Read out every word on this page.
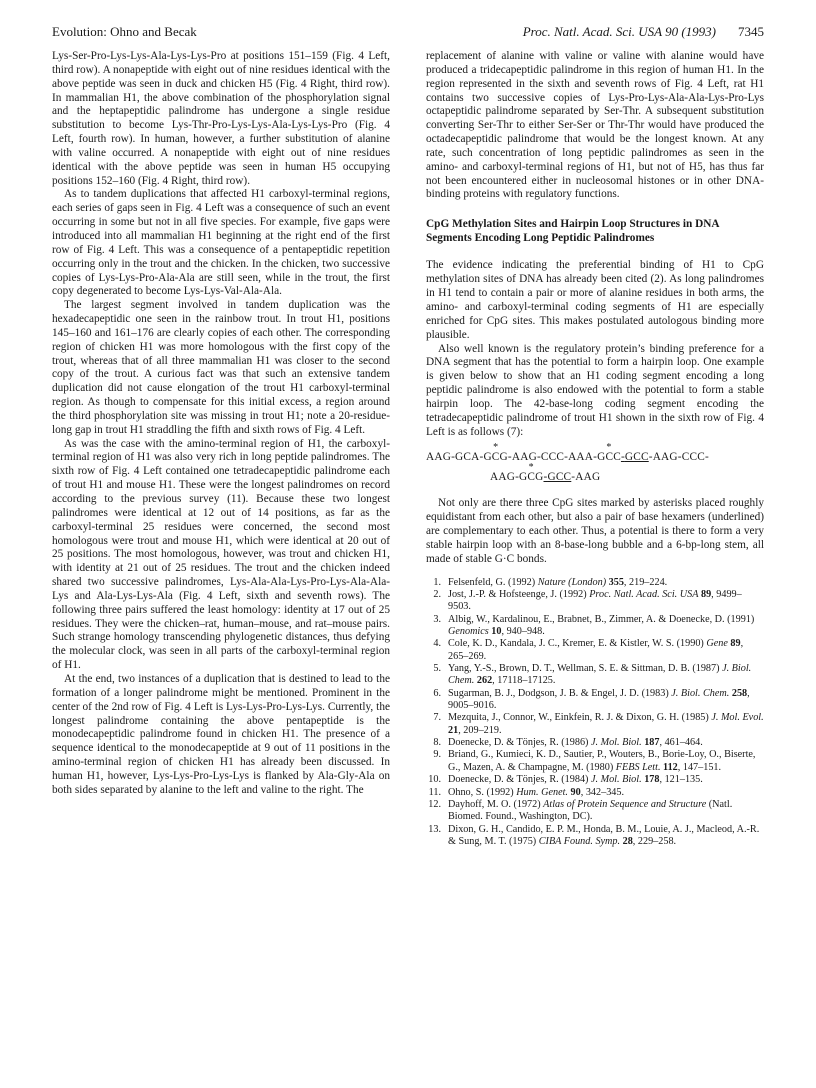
Evolution: Ohno and Becak	Proc. Natl. Acad. Sci. USA 90 (1993) 7345

Lys-Ser-Pro-Lys-Lys-Ala-Lys-Lys-Pro at positions 151–159 (Fig. 4 Left, third row). A nonapeptide with eight out of nine residues identical with the above peptide was seen in duck and chicken H5 (Fig. 4 Right, third row). In mammalian H1, the above combination of the phosphorylation signal and the heptapeptidic palindrome has undergone a single residue substitution to become Lys-Thr-Pro-Lys-Lys-Ala-Lys-Lys-Pro (Fig. 4 Left, fourth row). In human, however, a further substitution of alanine with valine occurred. A nonapeptide with eight out of nine residues identical with the above peptide was seen in human H5 occupying positions 152–160 (Fig. 4 Right, third row).

As to tandem duplications that affected H1 carboxyl-terminal regions, each series of gaps seen in Fig. 4 Left was a consequence of such an event occurring in some but not in all five species. For example, five gaps were introduced into all mammalian H1 beginning at the right end of the first row of Fig. 4 Left. This was a consequence of a pentapeptidic repetition occurring only in the trout and the chicken. In the chicken, two successive copies of Lys-Lys-Pro-Ala-Ala are still seen, while in the trout, the first copy degenerated to become Lys-Lys-Val-Ala-Ala.

The largest segment involved in tandem duplication was the hexadecapeptidic one seen in the rainbow trout. In trout H1, positions 145–160 and 161–176 are clearly copies of each other. The corresponding region of chicken H1 was more homologous with the first copy of the trout, whereas that of all three mammalian H1 was closer to the second copy of the trout. A curious fact was that such an extensive tandem duplication did not cause elongation of the trout H1 carboxyl-terminal region. As though to compensate for this initial excess, a region around the third phosphorylation site was missing in trout H1; note a 20-residue-long gap in trout H1 straddling the fifth and sixth rows of Fig. 4 Left.

As was the case with the amino-terminal region of H1, the carboxyl-terminal region of H1 was also very rich in long peptide palindromes. The sixth row of Fig. 4 Left contained one tetradecapeptidic palindrome each of trout H1 and mouse H1. These were the longest palindromes on record according to the previous survey (11). Because these two longest palindromes were identical at 12 out of 14 positions, as far as the carboxyl-terminal 25 residues were concerned, the second most homologous were trout and mouse H1, which were identical at 20 out of 25 positions. The most homologous, however, was trout and chicken H1, with identity at 21 out of 25 residues. The trout and the chicken indeed shared two successive palindromes, Lys-Ala-Ala-Lys-Pro-Lys-Ala-Ala-Lys and Ala-Lys-Lys-Ala (Fig. 4 Left, sixth and seventh rows). The following three pairs suffered the least homology: identity at 17 out of 25 residues. They were the chicken–rat, human–mouse, and rat–mouse pairs. Such strange homology transcending phylogenetic distances, thus defying the molecular clock, was seen in all parts of the carboxyl-terminal region of H1.

At the end, two instances of a duplication that is destined to lead to the formation of a longer palindrome might be mentioned. Prominent in the center of the 2nd row of Fig. 4 Left is Lys-Lys-Pro-Lys-Lys. Currently, the longest palindrome containing the above pentapeptide is the monodecapeptidic palindrome found in chicken H1. The presence of a sequence identical to the monodecapeptide at 9 out of 11 positions in the amino-terminal region of chicken H1 has already been discussed. In human H1, however, Lys-Lys-Pro-Lys-Lys is flanked by Ala-Gly-Ala on both sides separated by alanine to the left and valine to the right. The

replacement of alanine with valine or valine with alanine would have produced a tridecapeptidic palindrome in this region of human H1. In the region represented in the sixth and seventh rows of Fig. 4 Left, rat H1 contains two successive copies of Lys-Pro-Lys-Ala-Ala-Lys-Pro-Lys octapeptidic palindrome separated by Ser-Thr. A subsequent substitution converting Ser-Thr to either Ser-Ser or Thr-Thr would have produced the octadecapeptidic palindrome that would be the longest known. At any rate, such concentration of long peptidic palindromes as seen in the amino- and carboxyl-terminal regions of H1, but not of H5, has thus far not been encountered either in nucleosomal histones or in other DNA-binding proteins with regulatory functions.

CpG Methylation Sites and Hairpin Loop Structures in DNA Segments Encoding Long Peptidic Palindromes

The evidence indicating the preferential binding of H1 to CpG methylation sites of DNA has already been cited (2). As long palindromes in H1 tend to contain a pair or more of alanine residues in both arms, the amino- and carboxyl-terminal coding segments of H1 are especially enriched for CpG sites. This makes postulated autologous binding more plausible.

Also well known is the regulatory protein’s binding preference for a DNA segment that has the potential to form a hairpin loop. One example is given below to show that an H1 coding segment encoding a long peptidic palindrome is also endowed with the potential to form a stable hairpin loop. The 42-base-long coding segment encoding the tetradecapeptidic palindrome of trout H1 shown in the sixth row of Fig. 4 Left is as follows (7):

AAG-GCA-* GCG-AAG-CCC-AAA-* GCC-GCC-AAG-CCC-
AAG-* GCG-GCC-AAG

Not only are there three CpG sites marked by asterisks placed roughly equidistant from each other, but also a pair of base hexamers (underlined) are complementary to each other. Thus, a potential is there to form a very stable hairpin loop with an 8-base-long bubble and a 6-bp-long stem, all made of stable G·C bonds.

1. Felsenfeld, G. (1992) Nature (London) 355, 219–224.
2. Jost, J.-P. & Hofsteenge, J. (1992) Proc. Natl. Acad. Sci. USA 89, 9499–9503.
3. Albig, W., Kardalinou, E., Brabnet, B., Zimmer, A. & Doenecke, D. (1991) Genomics 10, 940–948.
4. Cole, K. D., Kandala, J. C., Kremer, E. & Kistler, W. S. (1990) Gene 89, 265–269.
5. Yang, Y.-S., Brown, D. T., Wellman, S. E. & Sittman, D. B. (1987) J. Biol. Chem. 262, 17118–17125.
6. Sugarman, B. J., Dodgson, J. B. & Engel, J. D. (1983) J. Biol. Chem. 258, 9005–9016.
7. Mezquita, J., Connor, W., Einkfein, R. J. & Dixon, G. H. (1985) J. Mol. Evol. 21, 209–219.
8. Doenecke, D. & Tönjes, R. (1986) J. Mol. Biol. 187, 461–464.
9. Briand, G., Kumieci, K. D., Sautier, P., Wouters, B., Borie-Loy, O., Biserte, G., Mazen, A. & Champagne, M. (1980) FEBS Lett. 112, 147–151.
10. Doenecke, D. & Tönjes, R. (1984) J. Mol. Biol. 178, 121–135.
11. Ohno, S. (1992) Hum. Genet. 90, 342–345.
12. Dayhoff, M. O. (1972) Atlas of Protein Sequence and Structure (Natl. Biomed. Found., Washington, DC).
13. Dixon, G. H., Candido, E. P. M., Honda, B. M., Louie, A. J., Macleod, A.-R. & Sung, M. T. (1975) CIBA Found. Symp. 28, 229–258.
